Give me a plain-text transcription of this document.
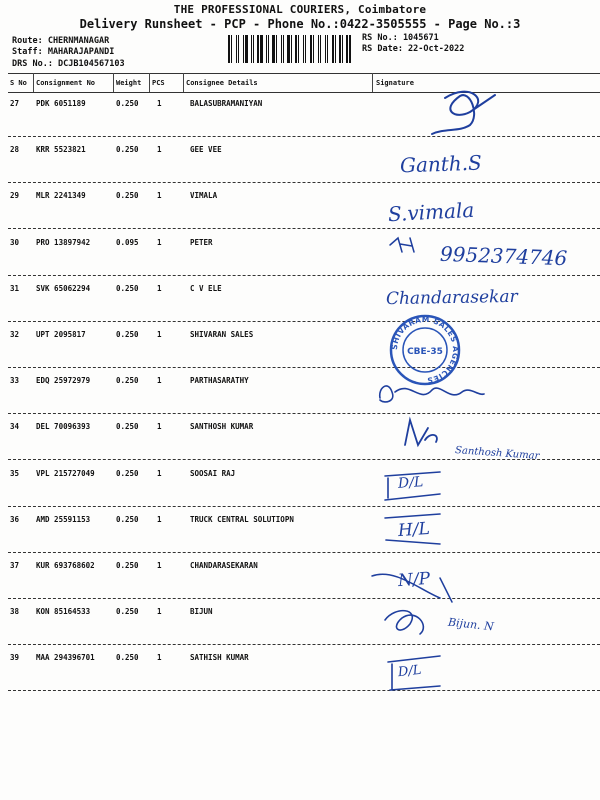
THE PROFESSIONAL COURIERS, Coimbatore
Delivery Runsheet - PCP - Phone No.:0422-3505555 - Page No.:3
Route: CHERNMANAGAR
Staff: MAHARAJAPANDI
DRS No.: DCJB104567103
RS No.: 1045671
RS Date: 22-Oct-2022
S No Consignment No	Weight PCS	Consignee Details	Signature
27 PDK 6051189	0.250 1	BALASUBRAMANIYAN
28 KRR 5523821	0.250 1	GEE VEE
29 MLR 2241349	0.250 1	VIMALA
30 PRO 13897942	0.095 1	PETER
31 SVK 65062294	0.250 1	C V ELE
32 UPT 2095817	0.250 1	SHIVARAN SALES
33 EDQ 25972979	0.250 1	PARTHASARATHY
34 DEL 70096393	0.250 1	SANTHOSH KUMAR
35 VPL 215727049	0.250 1	SOOSAI RAJ
36 AMD 25591153	0.250 1	TRUCK CENTRAL SOLUTIOPN
37 KUR 693768602	0.250 1	CHANDARASEKARAN
38 KON 85164533	0.250 1	BIJUN
39 MAA 294396701	0.250 1	SATHISH KUMAR
CBE-35
SHIVARAM SALES AGENCIES
Ganth.S
S.vimala
9952374746
Chandarasekar
Santhosh Kumar
D/L
H/L
N/P
Bijun. N
D/L
